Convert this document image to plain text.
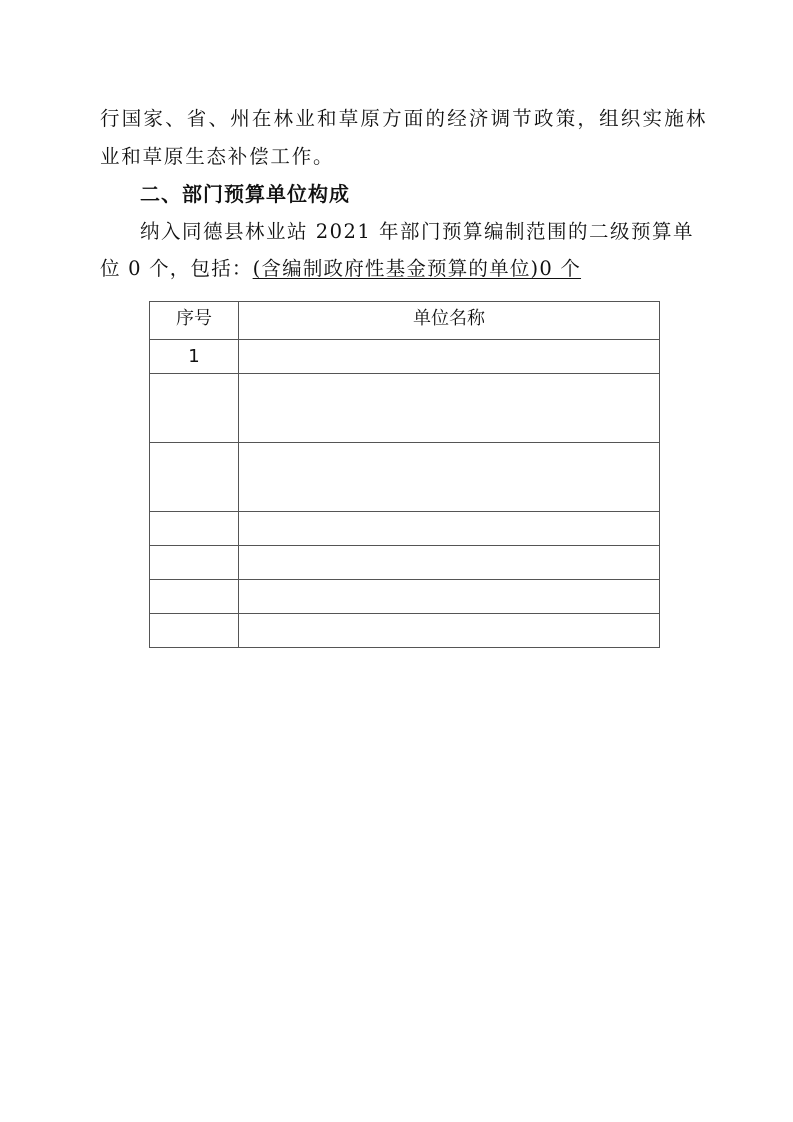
行国家、省、州在林业和草原方面的经济调节政策，组织实施林
业和草原生态补偿工作。
二、部门预算单位构成
纳入同德县林业站 2021 年部门预算编制范围的二级预算单
位 0 个，包括：(含编制政府性基金预算的单位)0 个
序号	单位名称
1	
